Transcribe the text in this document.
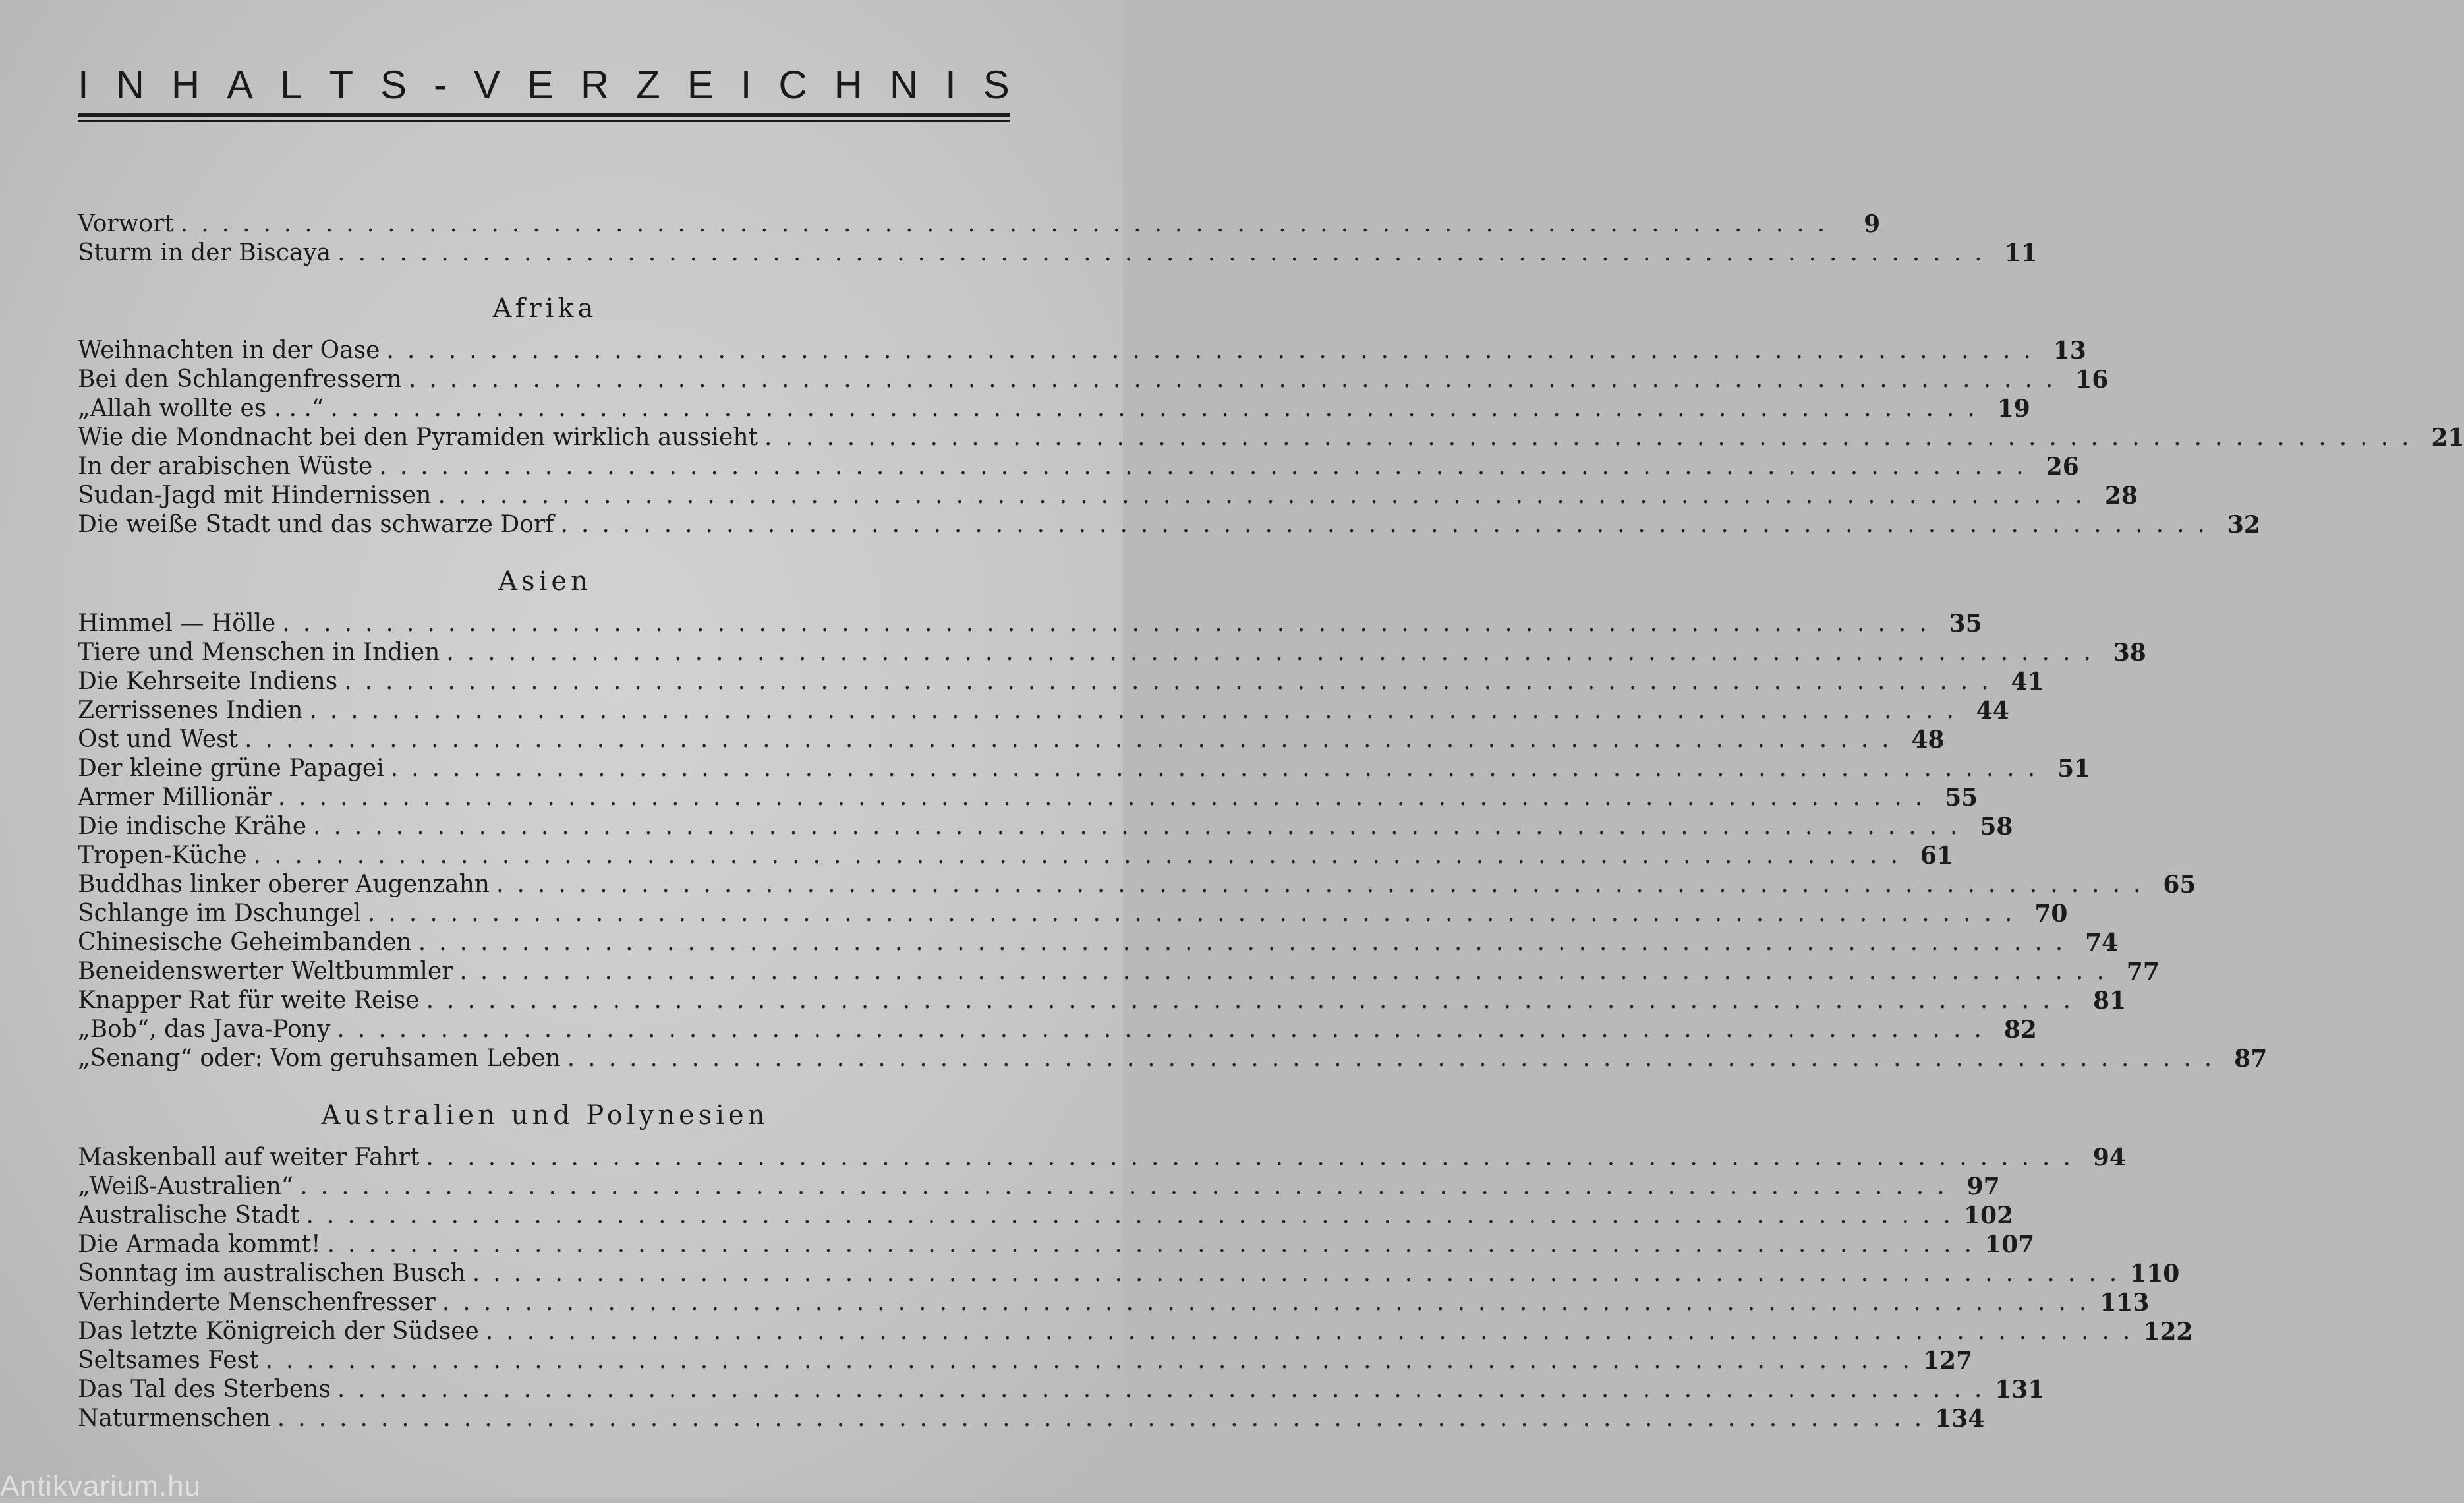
I N H A L T S - V E R Z E I C H N I S
Vorwort ................................................................................	9
Sturm in der Biscaya ................................................................................ 11
Afrika
Weihnachten in der Oase ................................................................................ 13
Bei den Schlangenfressern ................................................................................ 16
„Allah wollte es . . .“ ................................................................................ 19
Wie die Mondnacht bei den Pyramiden wirklich aussieht ................................................................................ 21
In der arabischen Wüste ................................................................................ 26
Sudan-Jagd mit Hindernissen ................................................................................ 28
Die weiße Stadt und das schwarze Dorf ................................................................................ 32
Asien
Himmel — Hölle ................................................................................ 35
Tiere und Menschen in Indien ................................................................................ 38
Die Kehrseite Indiens ................................................................................ 41
Zerrissenes Indien ................................................................................ 44
Ost und West ................................................................................ 48
Der kleine grüne Papagei ................................................................................ 51
Armer Millionär ................................................................................ 55
Die indische Krähe ................................................................................ 58
Tropen-Küche ................................................................................ 61
Buddhas linker oberer Augenzahn ................................................................................ 65
Schlange im Dschungel ................................................................................ 70
Chinesische Geheimbanden ................................................................................ 74
Beneidenswerter Weltbummler ................................................................................ 77
Knapper Rat für weite Reise ................................................................................ 81
„Bob“, das Java-Pony ................................................................................ 82
„Senang“ oder: Vom geruhsamen Leben ................................................................................ 87
Australien und Polynesien
Maskenball auf weiter Fahrt ................................................................................ 94
„Weiß-Australien“ ................................................................................ 97
Australische Stadt ................................................................................ 102
Die Armada kommt! ................................................................................ 107
Sonntag im australischen Busch ................................................................................ 110
Verhinderte Menschenfresser ................................................................................ 113
Das letzte Königreich der Südsee ................................................................................ 122
Seltsames Fest ................................................................................ 127
Das Tal des Sterbens ................................................................................ 131
Naturmenschen ................................................................................ 134
Antikvarium.hu
